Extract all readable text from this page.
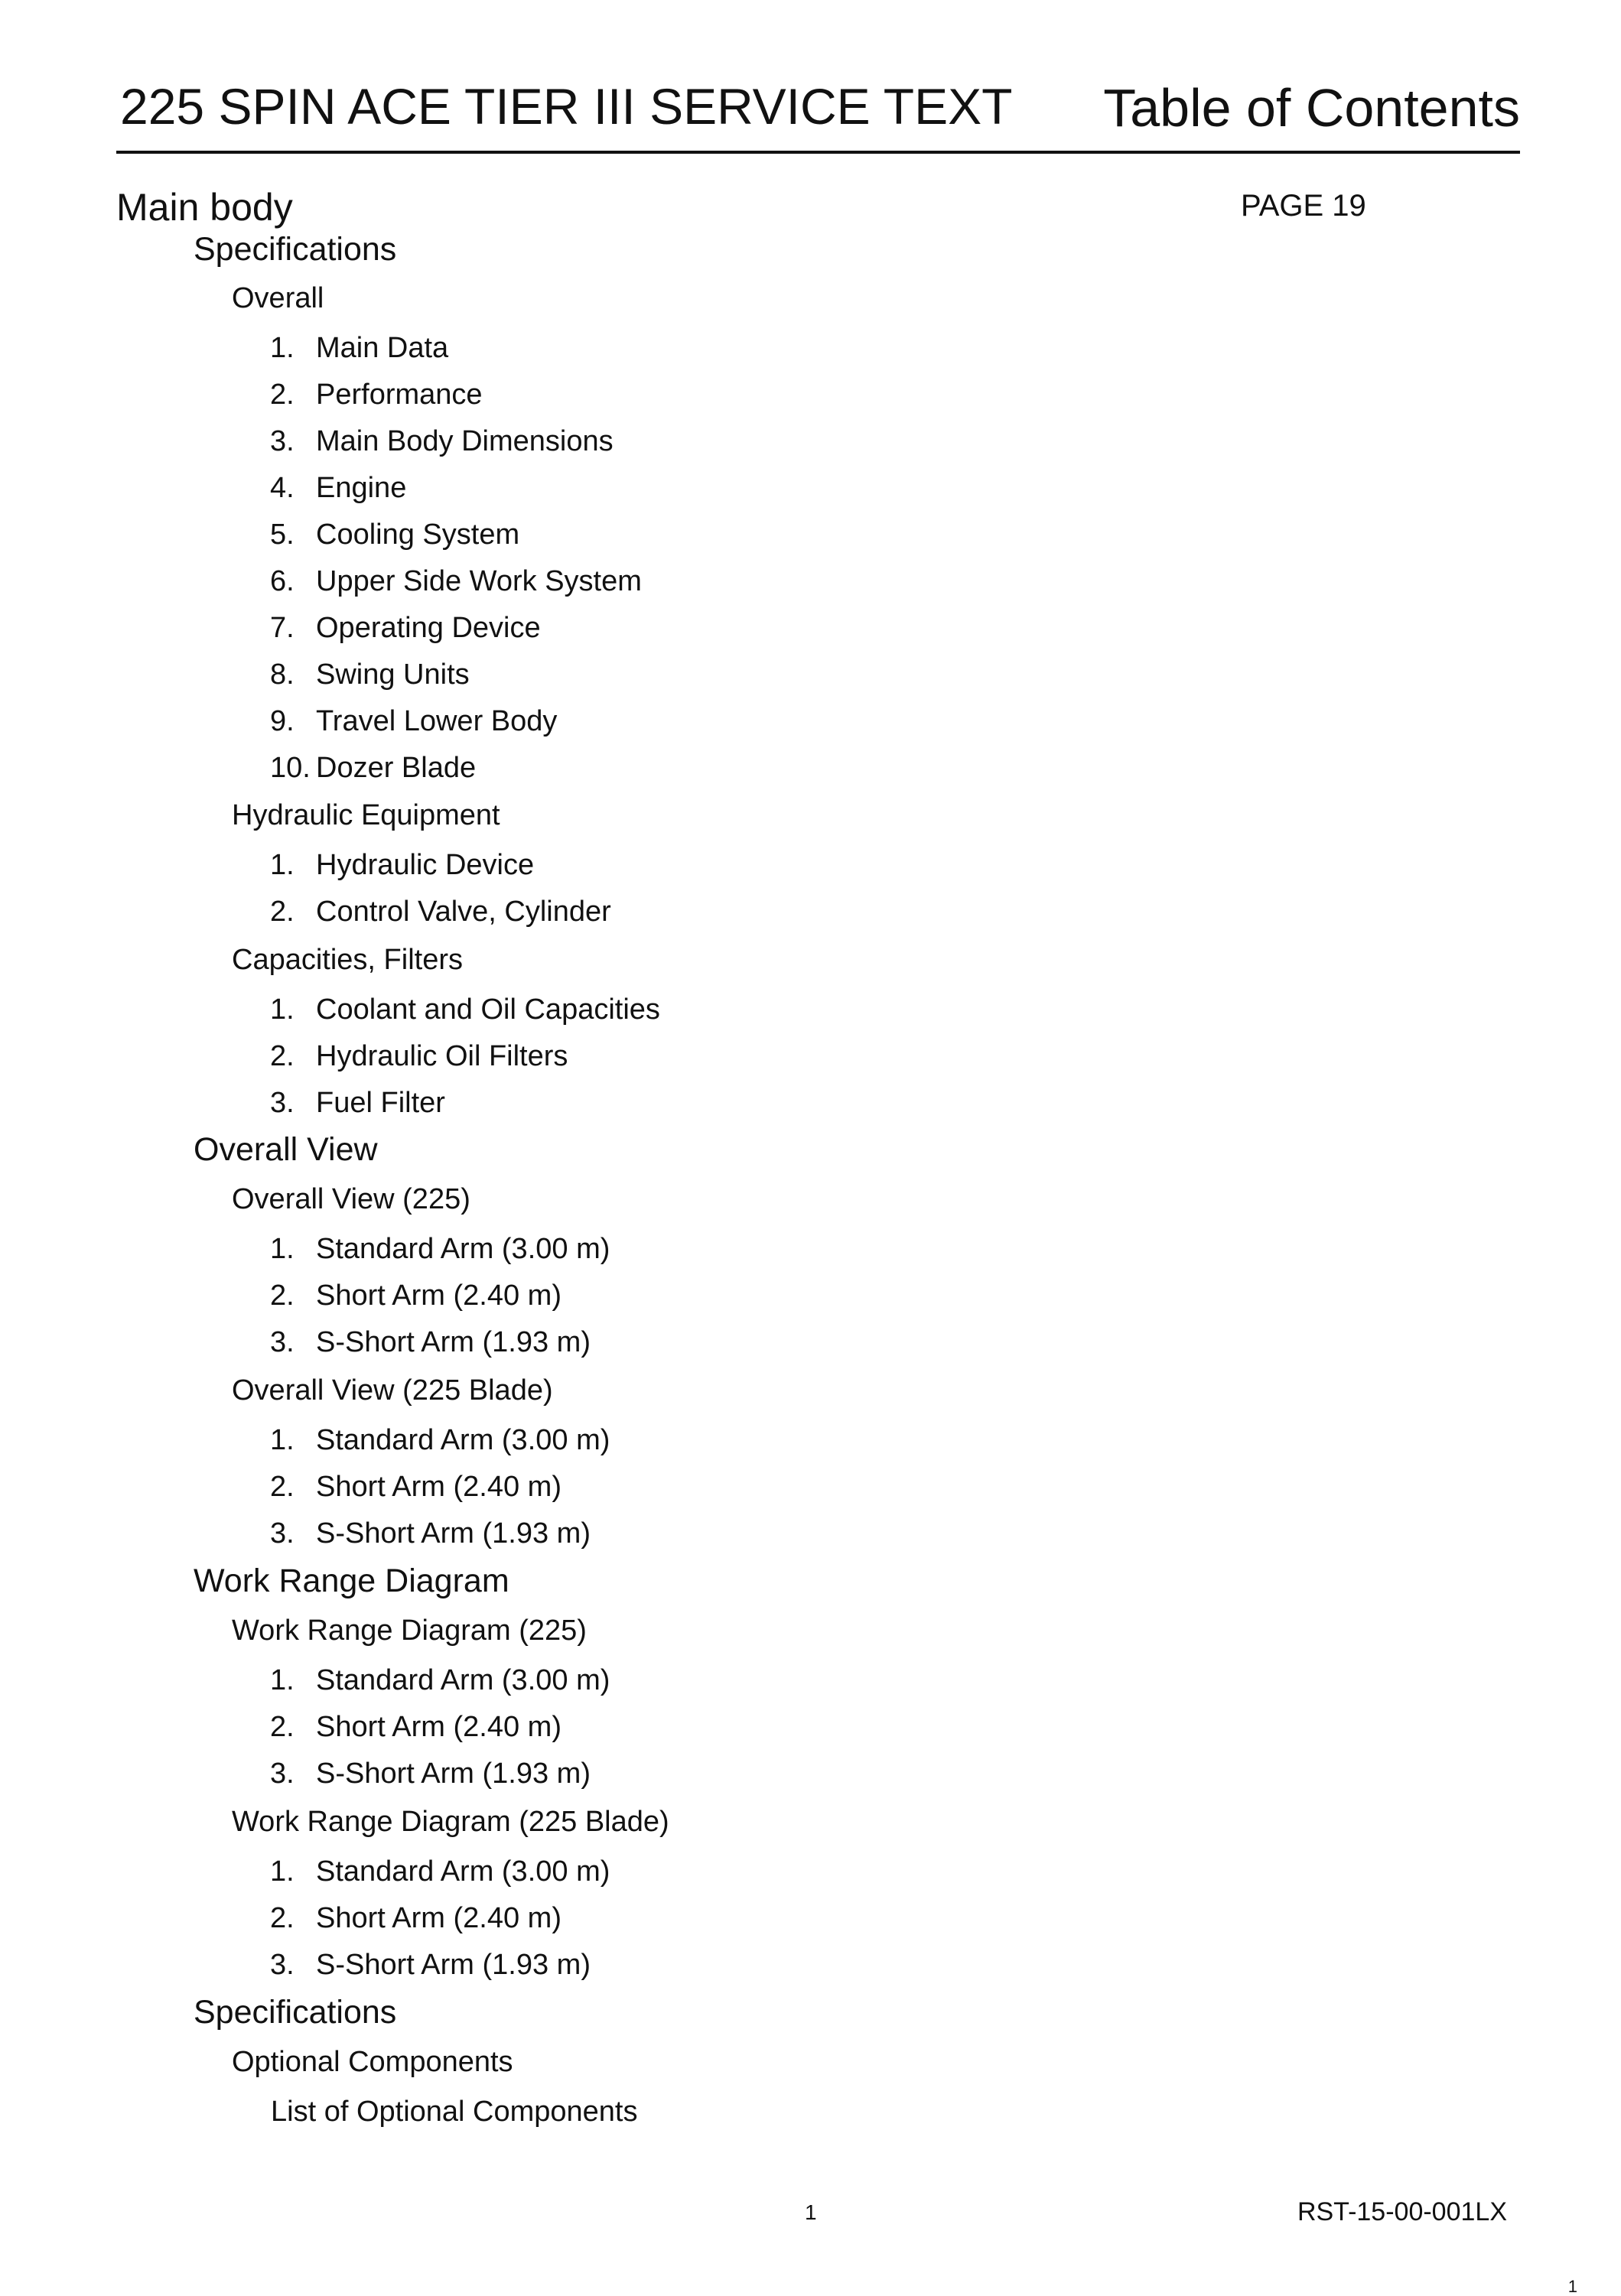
225 SPIN ACE TIER III SERVICE TEXT Table of Contents
Main body	PAGE 19
Specifications
Overall
1. Main Data
2. Performance
3. Main Body Dimensions
4. Engine
5. Cooling System
6. Upper Side Work System
7. Operating Device
8. Swing Units
9. Travel Lower Body
10. Dozer Blade
Hydraulic Equipment
1. Hydraulic Device
2. Control Valve, Cylinder
Capacities, Filters
1. Coolant and Oil Capacities
2. Hydraulic Oil Filters
3. Fuel Filter
Overall View
Overall View (225)
1. Standard Arm (3.00 m)
2. Short Arm (2.40 m)
3. S-Short Arm (1.93 m)
Overall View (225 Blade)
1. Standard Arm (3.00 m)
2. Short Arm (2.40 m)
3. S-Short Arm (1.93 m)
Work Range Diagram
Work Range Diagram (225)
1. Standard Arm (3.00 m)
2. Short Arm (2.40 m)
3. S-Short Arm (1.93 m)
Work Range Diagram (225 Blade)
1. Standard Arm (3.00 m)
2. Short Arm (2.40 m)
3. S-Short Arm (1.93 m)
Specifications
Optional Components
List of Optional Components
1	RST-15-00-001LX
1
